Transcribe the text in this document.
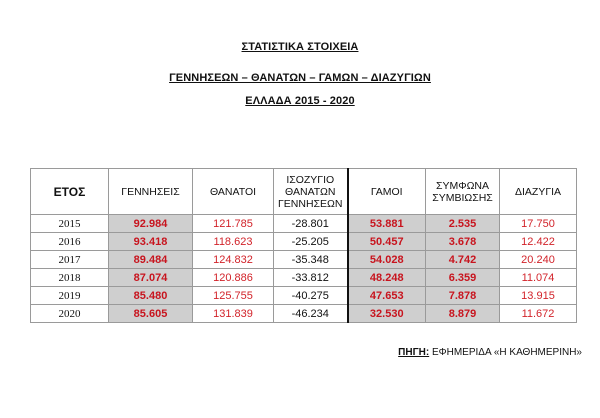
ΣΤΑΤΙΣΤΙΚΑ ΣΤΟΙΧΕΙΑ
ΓΕΝΝΗΣΕΩΝ – ΘΑΝΑΤΩΝ – ΓΑΜΩΝ – ΔΙΑΖΥΓΙΩΝ
ΕΛΛΑΔΑ 2015 - 2020
ΕΤΟΣ	ΓΕΝΝΗΣΕΙΣ	ΘΑΝΑΤΟΙ	ΙΣΟΖΥΓΙΟ ΘΑΝΑΤΩΝ ΓΕΝΝΗΣΕΩΝ	ΓΑΜΟΙ	ΣΥΜΦΩΝΑ ΣΥΜΒΙΩΣΗΣ	ΔΙΑΖΥΓΙΑ
2015	92.984	121.785	-28.801	53.881	2.535	17.750
2016	93.418	118.623	-25.205	50.457	3.678	12.422
2017	89.484	124.832	-35.348	54.028	4.742	20.240
2018	87.074	120.886	-33.812	48.248	6.359	11.074
2019	85.480	125.755	-40.275	47.653	7.878	13.915
2020	85.605	131.839	-46.234	32.530	8.879	11.672
ΠΗΓΗ: ΕΦΗΜΕΡΙΔΑ «Η ΚΑΘΗΜΕΡΙΝΗ»
